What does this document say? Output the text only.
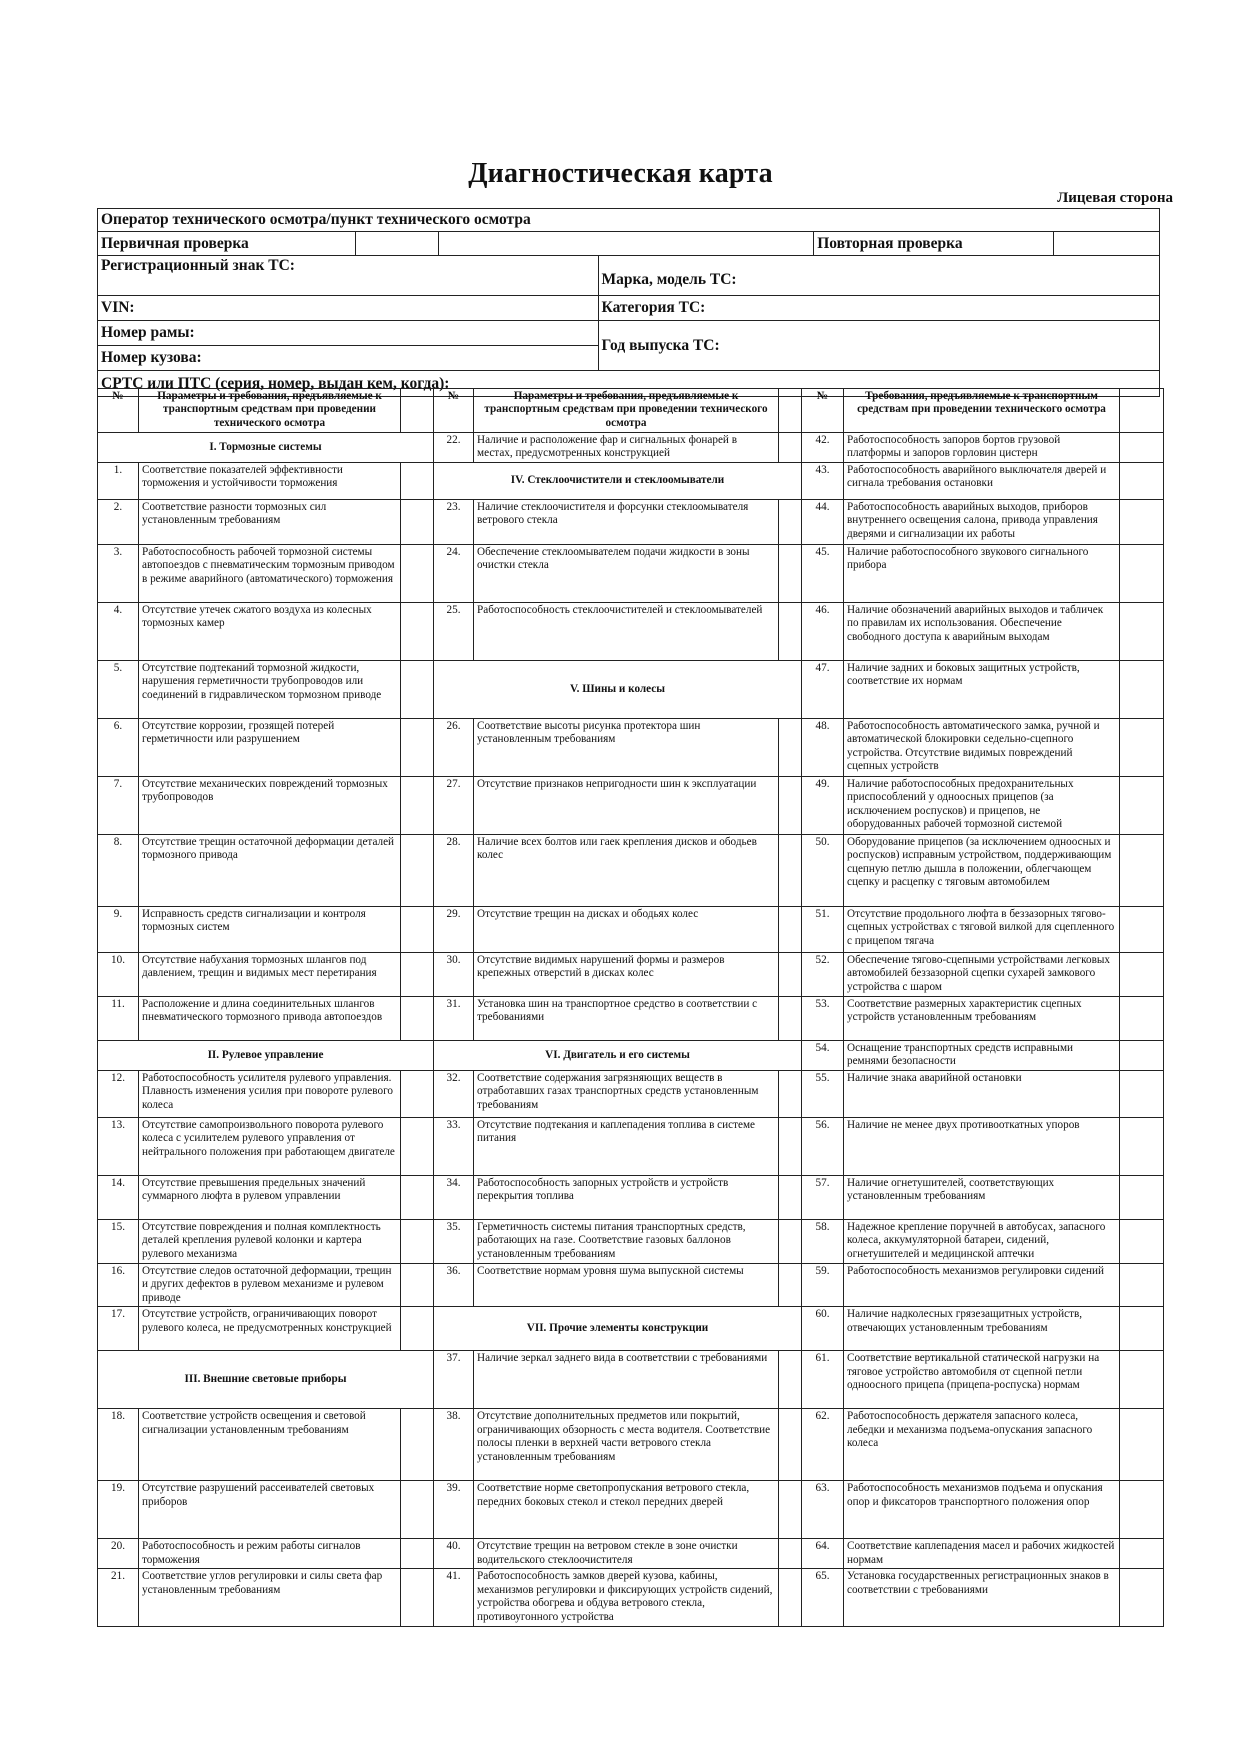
Диагностическая карта
Лицевая сторона
Оператор технического осмотра/пункт технического осмотра					
Первичная проверка				Повторная проверка	
Регистрационный знак ТС:			Марка, модель ТС:		
VIN:			Категория ТС:		
Номер рамы:			Год выпуска ТС:		
Номер кузова:					
СРТС или ПТС (серия, номер, выдан кем, когда):					
№	Параметры и требования, предъявляемые к транспортным средствам при проведении технического осмотра		№	Параметры и требования, предъявляемые к транспортным средствам при проведении технического осмотра		№	Требования, предъявляемые к транспортным средствам при проведении технического осмотра	
I. Тормозные системы			22.	Наличие и расположение фар и сигнальных фонарей в местах, предусмотренных конструкцией		42.	Работоспособность запоров бортов грузовой платформы и запоров горловин цистерн	
1.	Соответствие показателей эффективности торможения и устойчивости торможения		IV. Стеклоочистители и стеклоомыватели			43.	Работоспособность аварийного выключателя дверей и сигнала требования остановки	
2.	Соответствие разности тормозных сил установленным требованиям		23.	Наличие стеклоочистителя и форсунки стеклоомывателя ветрового стекла		44.	Работоспособность аварийных выходов, приборов внутреннего освещения салона, привода управления дверями и сигнализации их работы	
3.	Работоспособность рабочей тормозной системы автопоездов с пневматическим тормозным приводом в режиме аварийного (автоматического) торможения		24.	Обеспечение стеклоомывателем подачи жидкости в зоны очистки стекла		45.	Наличие работоспособного звукового сигнального прибора	
4.	Отсутствие утечек сжатого воздуха из колесных тормозных камер		25.	Работоспособность стеклоочистителей и стеклоомывателей		46.	Наличие обозначений аварийных выходов и табличек по правилам их использования. Обеспечение свободного доступа к аварийным выходам	
5.	Отсутствие подтеканий тормозной жидкости, нарушения герметичности трубопроводов или соединений в гидравлическом тормозном приводе		V. Шины и колесы			47.	Наличие задних и боковых защитных устройств, соответствие их нормам	
6.	Отсутствие коррозии, грозящей потерей герметичности или разрушением		26.	Соответствие высоты рисунка протектора шин установленным требованиям		48.	Работоспособность автоматического замка, ручной и автоматической блокировки седельно-сцепного устройства. Отсутствие видимых повреждений сцепных устройств	
7.	Отсутствие механических повреждений тормозных трубопроводов		27.	Отсутствие признаков непригодности шин к эксплуатации		49.	Наличие работоспособных предохранительных приспособлений у одноосных прицепов (за исключением роспусков) и прицепов, не оборудованных рабочей тормозной системой	
8.	Отсутствие трещин остаточной деформации деталей тормозного привода		28.	Наличие всех болтов или гаек крепления дисков и ободьев колес		50.	Оборудование прицепов (за исключением одноосных и роспусков) исправным устройством, поддерживающим сцепную петлю дышла в положении, облегчающем сцепку и расцепку с тяговым автомобилем	
9.	Исправность средств сигнализации и контроля тормозных систем		29.	Отсутствие трещин на дисках и ободьях колес		51.	Отсутствие продольного люфта в беззазорных тягово-сцепных устройствах с тяговой вилкой для сцепленного с прицепом тягача	
10.	Отсутствие набухания тормозных шлангов под давлением, трещин и видимых мест перетирания		30.	Отсутствие видимых нарушений формы и размеров крепежных отверстий в дисках колес		52.	Обеспечение тягово-сцепными устройствами легковых автомобилей беззазорной сцепки сухарей замкового устройства с шаром	
11.	Расположение и длина соединительных шлангов пневматического тормозного привода автопоездов		31.	Установка шин на транспортное средство в соответствии с требованиями		53.	Соответствие размерных характеристик сцепных устройств установленным требованиям	
II. Рулевое управление			VI. Двигатель и его системы			54.	Оснащение транспортных средств исправными ремнями безопасности	
12.	Работоспособность усилителя рулевого управления. Плавность изменения усилия при повороте рулевого колеса		32.	Соответствие содержания загрязняющих веществ в отработавших газах транспортных средств установленным требованиям		55.	Наличие знака аварийной остановки	
13.	Отсутствие самопроизвольного поворота рулевого колеса с усилителем рулевого управления от нейтрального положения при работающем двигателе		33.	Отсутствие подтекания и каплепадения топлива в системе питания		56.	Наличие не менее двух противооткатных упоров	
14.	Отсутствие превышения предельных значений суммарного люфта в рулевом управлении		34.	Работоспособность запорных устройств и устройств перекрытия топлива		57.	Наличие огнетушителей, соответствующих установленным требованиям	
15.	Отсутствие повреждения и полная комплектность деталей крепления рулевой колонки и картера рулевого механизма		35.	Герметичность системы питания транспортных средств, работающих на газе. Соответствие газовых баллонов установленным требованиям		58.	Надежное крепление поручней в автобусах, запасного колеса, аккумуляторной батареи, сидений, огнетушителей и медицинской аптечки	
16.	Отсутствие следов остаточной деформации, трещин и других дефектов в рулевом механизме и рулевом приводе		36.	Соответствие нормам уровня шума выпускной системы		59.	Работоспособность механизмов регулировки сидений	
17.	Отсутствие устройств, ограничивающих поворот рулевого колеса, не предусмотренных конструкцией		VII. Прочие элементы конструкции			60.	Наличие надколесных грязезащитных устройств, отвечающих установленным требованиям	
III. Внешние световые приборы			37.	Наличие зеркал заднего вида в соответствии с требованиями		61.	Соответствие вертикальной статической нагрузки на тяговое устройство автомобиля от сцепной петли одноосного прицепа (прицепа-роспуска) нормам	
18.	Соответствие устройств освещения и световой сигнализации установленным требованиям		38.	Отсутствие дополнительных предметов или покрытий, ограничивающих обзорность с места водителя. Соответствие полосы пленки в верхней части ветрового стекла установленным требованиям		62.	Работоспособность держателя запасного колеса, лебедки и механизма подъема-опускания запасного колеса	
19.	Отсутствие разрушений рассеивателей световых приборов		39.	Соответствие норме светопропускания ветрового стекла, передних боковых стекол и стекол передних дверей		63.	Работоспособность механизмов подъема и опускания опор и фиксаторов транспортного положения опор	
20.	Работоспособность и режим работы сигналов торможения		40.	Отсутствие трещин на ветровом стекле в зоне очистки водительского стеклоочистителя		64.	Соответствие каплепадения масел и рабочих жидкостей нормам	
21.	Соответствие углов регулировки и силы света фар установленным требованиям		41.	Работоспособность замков дверей кузова, кабины, механизмов регулировки и фиксирующих устройств сидений, устройства обогрева и обдува ветрового стекла, противоугонного устройства		65.	Установка государственных регистрационных знаков в соответствии с требованиями	
